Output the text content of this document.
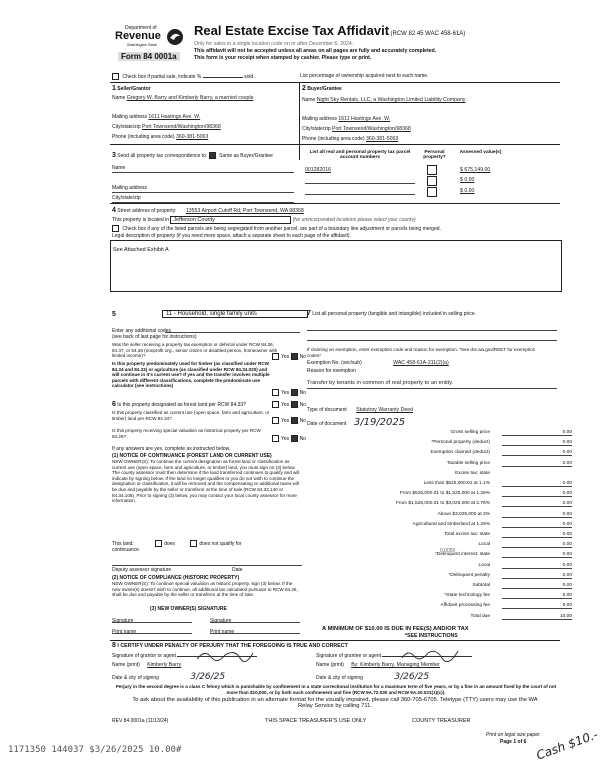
Department of
Revenue
Washington State
Form 84 0001a
Real Estate Excise Tax Affidavit (RCW 82.45 WAC 458-61A)
Only for sales in a single location code on or after December 6, 2024.
This affidavit will not be accepted unless all areas on all pages are fully and accurately completed.
This form is your receipt when stamped by cashier. Please type or print.
Check box if partial sale, indicate %	sold.	List percentage of ownership acquired next to each name.
1 Seller/Grantor
Name Gregory W. Barry and Kimberly Barry, a married couple
Mailing address 1611 Hastings Ave. W.
City/state/zip Port Townsend/Washington/98368
Phone (including area code) 360-381-5063
2 Buyer/Grantee
Name Night Sky Rentals, LLC, a Washington Limited Liability Company
Mailing address 1611 Hastings Ave. W.
City/state/zip Port Townsend/Washington/98368
Phone (including area code) 360-381-5063
3 Send all property tax correspondence to: Same as Buyer/Grantee
Name
Mailing address
City/state/zip
List all real and personal property tax parcel account numbers
Personal property?
Assessed value(s)
001282016	$ 675,149.00
$ 0.00
$ 0.00
4 Street address of property: 13553 Airport Cutoff Rd, Port Townsend, WA 98368
This property is located in Jefferson County	(for unincorporated locations please select your county)
Check box if any of the listed parcels are being segregated from another parcel, are part of a boundary line adjustment or parcels being merged.
Legal description of property (if you need more space, attach a separate sheet to each page of the affidavit).
See Attached Exhibit A
5	11 - Household, single family units
Enter any additional codes
(see back of last page for instructions)
Was the seller receiving a property tax exemption or deferral under RCW 84.36, 84.37, or 84.38 (nonprofit org., senior citizen or disabled person, homeowner with limited income)?	Yes No
Is this property predominately used for timber (as classified under RCW 84.34 and 84.33) or agriculture (as classified under RCW 84.34.020) and will continue in it's current use? If yes and the transfer involves multiple parcels with different classifications, complete the predominate use calculator (see instructions)
Yes No
6 Is this property designated as forest land per RCW 84.33?	Yes No
Is this property classified as current use (open space, farm and agriculture, or timber) land per RCW 84.34?	Yes No
Is this property receiving special valuation as historical property per RCW 84.26?	Yes No
If any answers are yes, complete as instructed below.
(1) NOTICE OF CONTINUANCE (FOREST LAND OR CURRENT USE)
NEW OWNER(S): To continue the current designation as forest land or classification as current use (open space, farm and agriculture, or timber) land, you must sign on (3) below. The county assessor must then determine if the land transferred continues to qualify and will indicate by signing below. If the land no longer qualifies or you do not wish to continue the designation or classification, it will be removed and the compensating or additional taxes will be due and payable by the seller or transferor at the time of sale (RCW 84.33.140 or 84.34.108). Prior to signing (3) below, you may contact your local county assessor for more information.
This land:	does	does not qualify for
continuance.
Deputy assessor signature	Date
(2) NOTICE OF COMPLIANCE (HISTORIC PROPERTY)
NEW OWNER(S): To continue special valuation as historic property, sign (3) below. If the new owner(s) doesn't wish to continue, all additional tax calculated pursuant to RCW 84.26, shall be due and payable by the seller or transferor at the time of sale.
(3) NEW OWNER(S) SIGNATURE
Signature	Signature
Print name	Print name
7 List all personal property (tangible and intangible) included in selling price.
If claiming an exemption, enter exemption code and reason for exemption. *See dor.wa.gov/REET for exemption codes*
Exemption No. (sec/sub)	WAC 458-61A-211(2)(a)
Reason for exemption
Transfer by tenants in common of real property to an entity.
Type of document Statutory Warranty Deed
Date of document 3/19/2025
Gross selling price	0.00
*Personal property (deduct)	0.00
Exemption claimed (deduct)	0.00
Taxable selling price	0.00
Excise tax: state
Less than $525,000.01 at 1.1%	0.00
From $525,000.01 to $1,525,000 at 1.28%	0.00
From $1,525,000.01 to $3,025,000 at 2.75%	0.00
Above $3,025,000 at 3%	0.00
Agricultural and timberland at 1.28%	0.00
Total excise tax: state	0.00
Local	0.00
*Delinquent interest: state	0.00
Local	0.00
*Delinquent penalty	0.00
Subtotal	0.00
*State technology fee	5.00
Affidavit processing fee	5.00
Total due	10.00
0.0050
A MINIMUM OF $10.00 IS DUE IN FEE(S) AND/OR TAX
*SEE INSTRUCTIONS
8 I CERTIFY UNDER PENALTY OF PERJURY THAT THE FOREGOING IS TRUE AND CORRECT
Signature of grantor or agent
Name (print) Kimberly Barry
Date & city of signing	3/26/25
Signature of grantee or agent
Name (print) By: Kimberly Barry, Managing Member
Date & city of signing	3/26/25
Perjury in the second degree is a class C felony which is punishable by confinement in a state correctional institution for a maximum term of five years, or by a fine in an amount fixed by the court of not more than $10,000, or by both such confinement and fine (RCW 9A.72.030 and RCW 9A.20.021(1)(c)).
To ask about the availability of this publication in an alternate format for the visually impaired, please call 360-705-6705. Teletype (TTY) users may use the WA Relay Service by calling 711.
REV 84 0001a (11/13/24)	THIS SPACE TREASURER'S USE ONLY	COUNTY TREASURER
Print on legal size paper.
Page 1 of 6
1171350 144037 $3/26/2025 10.00#	Cash $10.-
